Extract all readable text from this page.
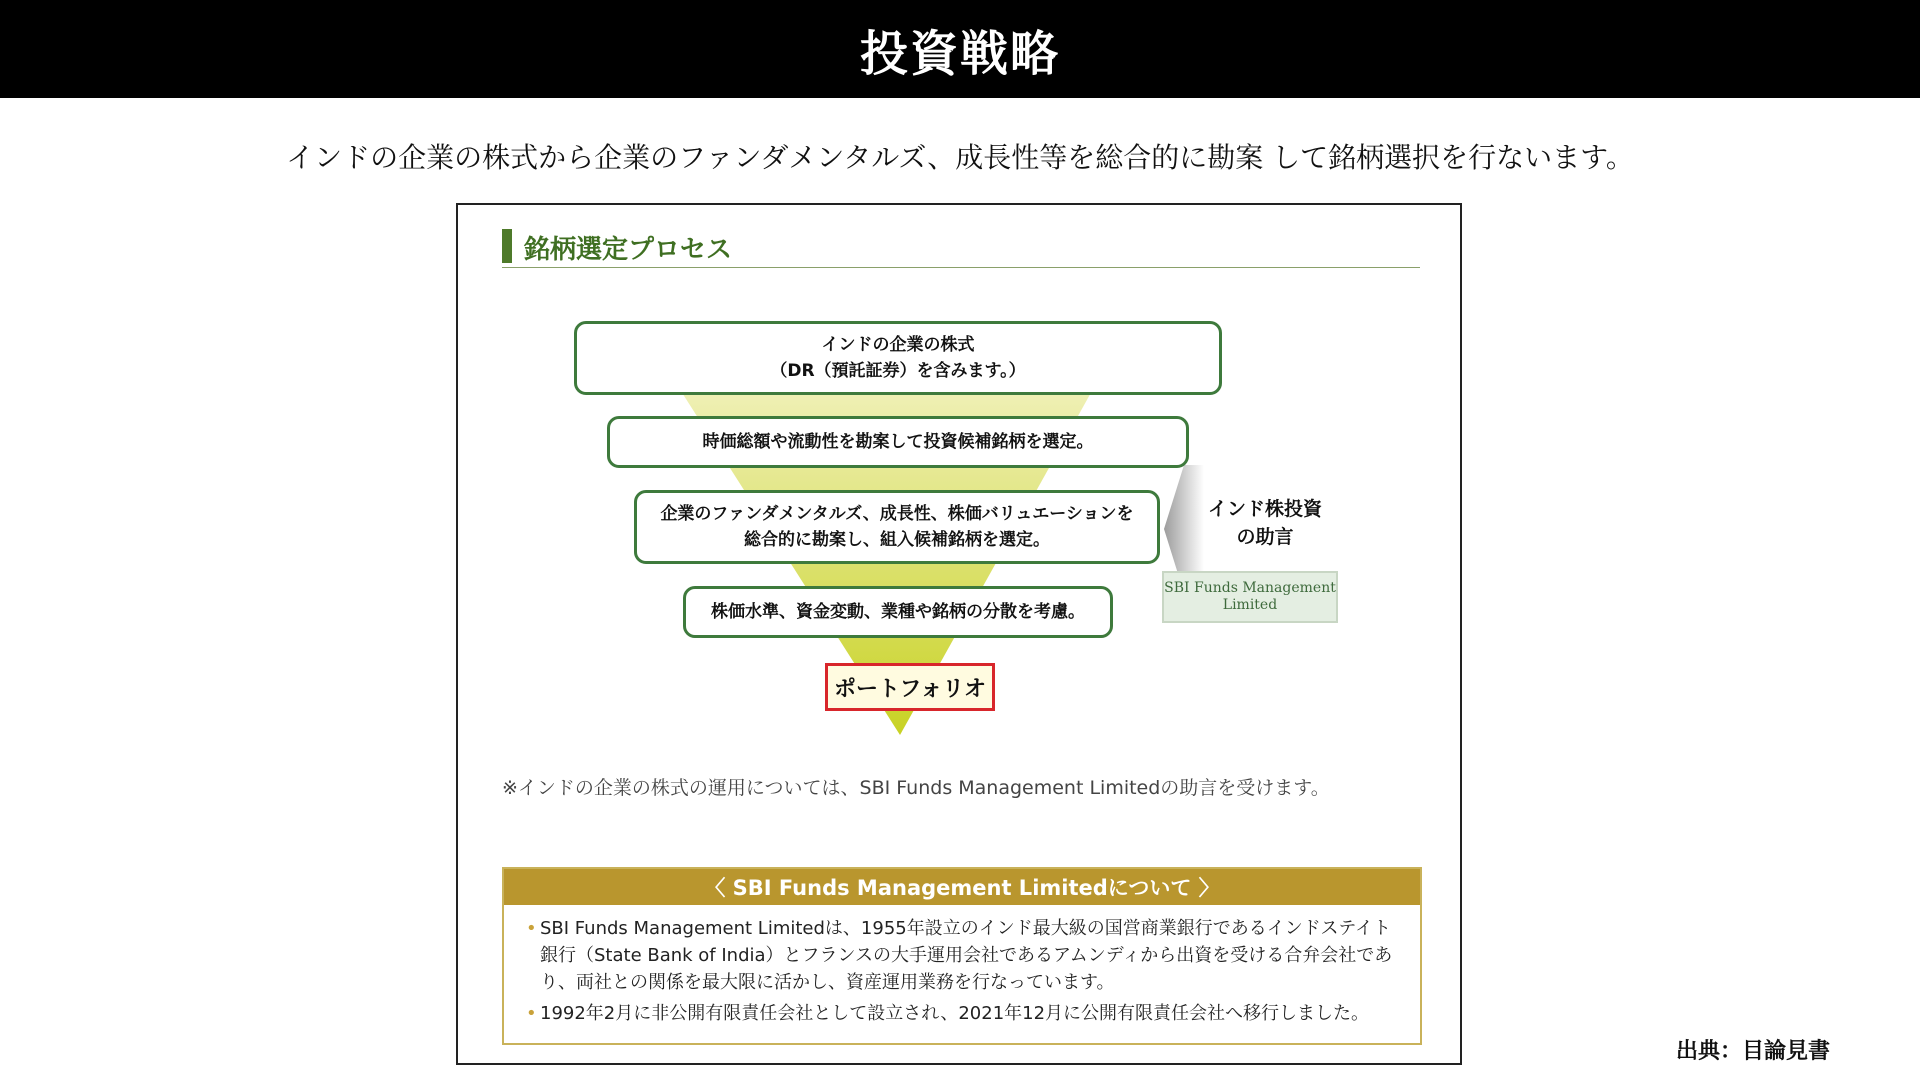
投資戦略
インドの企業の株式から企業のファンダメンタルズ、成長性等を総合的に勘案 して銘柄選択を行ないます。
銘柄選定プロセス
インドの企業の株式
（DR（預託証券）を含みます。）
時価総額や流動性を勘案して投資候補銘柄を選定。
企業のファンダメンタルズ、成長性、株価バリュエーションを
総合的に勘案し、組入候補銘柄を選定。
株価水準、資金変動、業種や銘柄の分散を考慮。
ポートフォリオ
インド株投資
の助言
SBI Funds Management
Limited
※インドの企業の株式の運用については、SBI Funds Management Limitedの助言を受けます。
〈 SBI Funds Management Limitedについて 〉
• SBI Funds Management Limitedは、1955年設立のインド最大級の国営商業銀行であるインドステイト銀行（State Bank of India）とフランスの大手運用会社であるアムンディから出資を受ける合弁会社であり、両社との関係を最大限に活かし、資産運用業務を行なっています。
• 1992年2月に非公開有限責任会社として設立され、2021年12月に公開有限責任会社へ移行しました。
出典：目論見書
